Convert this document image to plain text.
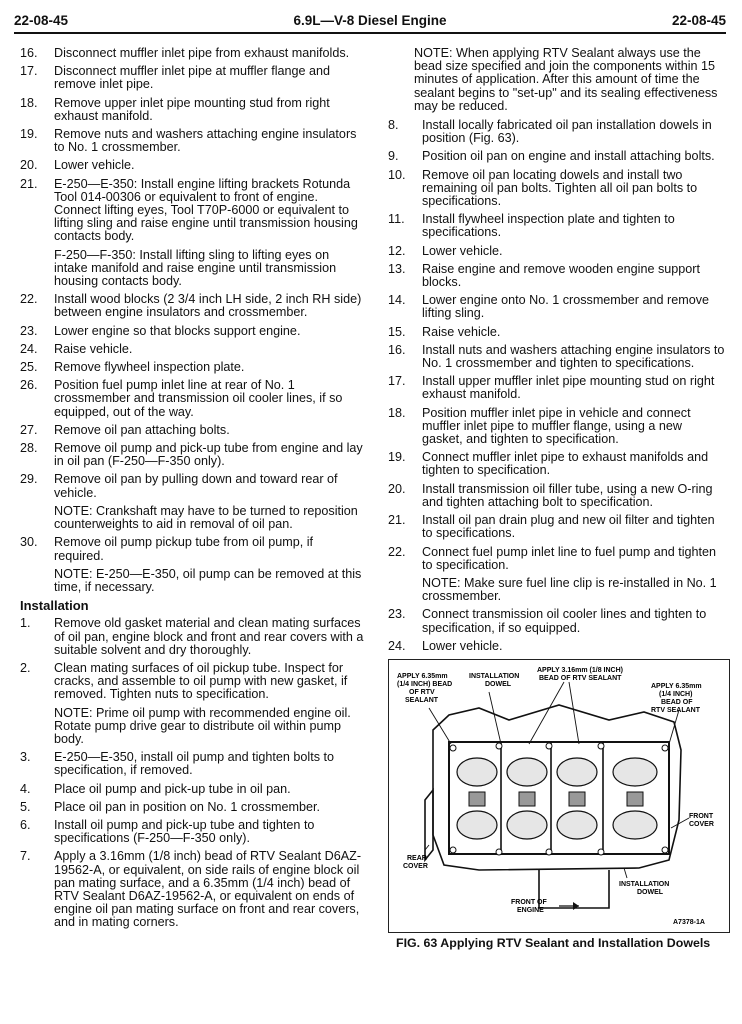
22-08-45	6.9L—V-8 Diesel Engine	22-08-45
16.	Disconnect muffler inlet pipe from exhaust manifolds.
17.	Disconnect muffler inlet pipe at muffler flange and remove inlet pipe.
18.	Remove upper inlet pipe mounting stud from right exhaust manifold.
19.	Remove nuts and washers attaching engine insulators to No. 1 crossmember.
20.	Lower vehicle.
21.	E-250—E-350: Install engine lifting brackets Rotunda Tool 014-00306 or equivalent to front of engine. Connect lifting eyes, Tool T70P-6000 or equivalent to lifting sling and raise engine until transmission housing contacts body.
F-250—F-350: Install lifting sling to lifting eyes on intake manifold and raise engine until transmission housing contacts body.
22.	Install wood blocks (2 3/4 inch LH side, 2 inch RH side) between engine insulators and crossmember.
23.	Lower engine so that blocks support engine.
24.	Raise vehicle.
25.	Remove flywheel inspection plate.
26.	Position fuel pump inlet line at rear of No. 1 crossmember and transmission oil cooler lines, if so equipped, out of the way.
27.	Remove oil pan attaching bolts.
28.	Remove oil pump and pick-up tube from engine and lay in oil pan (F-250—F-350 only).
29.	Remove oil pan by pulling down and toward rear of vehicle.
NOTE: Crankshaft may have to be turned to reposition counterweights to aid in removal of oil pan.
30.	Remove oil pump pickup tube from oil pump, if required.
NOTE: E-250—E-350, oil pump can be removed at this time, if necessary.
Installation
1.	Remove old gasket material and clean mating surfaces of oil pan, engine block and front and rear covers with a suitable solvent and dry thoroughly.
2.	Clean mating surfaces of oil pickup tube. Inspect for cracks, and assemble to oil pump with new gasket, if removed. Tighten nuts to specification.
NOTE: Prime oil pump with recommended engine oil. Rotate pump drive gear to distribute oil within pump body.
3.	E-250—E-350, install oil pump and tighten bolts to specification, if removed.
4.	Place oil pump and pick-up tube in oil pan.
5.	Place oil pan in position on No. 1 crossmember.
6.	Install oil pump and pick-up tube and tighten to specifications (F-250—F-350 only).
7.	Apply a 3.16mm (1/8 inch) bead of RTV Sealant D6AZ-19562-A, or equivalent, on side rails of engine block oil pan mating surface, and a 6.35mm (1/4 inch) bead of RTV Sealant D6AZ-19562-A, or equivalent on ends of engine oil pan mating surface on front and rear covers, and in mating corners.
NOTE: When applying RTV Sealant always use the bead size specified and join the components within 15 minutes of application. After this amount of time the sealant begins to "set-up" and its sealing effectiveness may be reduced.
8.	Install locally fabricated oil pan installation dowels in position (Fig. 63).
9.	Position oil pan on engine and install attaching bolts.
10.	Remove oil pan locating dowels and install two remaining oil pan bolts. Tighten all oil pan bolts to specifications.
11.	Install flywheel inspection plate and tighten to specifications.
12.	Lower vehicle.
13.	Raise engine and remove wooden engine support blocks.
14.	Lower engine onto No. 1 crossmember and remove lifting sling.
15.	Raise vehicle.
16.	Install nuts and washers attaching engine insulators to No. 1 crossmember and tighten to specifications.
17.	Install upper muffler inlet pipe mounting stud on right exhaust manifold.
18.	Position muffler inlet pipe in vehicle and connect muffler inlet pipe to muffler flange, using a new gasket, and tighten to specification.
19.	Connect muffler inlet pipe to exhaust manifolds and tighten to specification.
20.	Install transmission oil filler tube, using a new O-ring and tighten attaching bolt to specification.
21.	Install oil pan drain plug and new oil filter and tighten to specifications.
22.	Connect fuel pump inlet line to fuel pump and tighten to specification.
NOTE: Make sure fuel line clip is re-installed in No. 1 crossmember.
23.	Connect transmission oil cooler lines and tighten to specification, if so equipped.
24.	Lower vehicle.
APPLY 6.35mm
(1/4 INCH) BEAD
OF RTV
SEALANT
INSTALLATION
DOWEL
APPLY 3.16mm (1/8 INCH)
BEAD OF RTV SEALANT
APPLY 6.35mm
(1/4 INCH)
BEAD OF
RTV SEALANT
FRONT
COVER
REAR
COVER
INSTALLATION
DOWEL
FRONT OF
ENGINE
A7378-1A
FIG. 63 Applying RTV Sealant and Installation Dowels
